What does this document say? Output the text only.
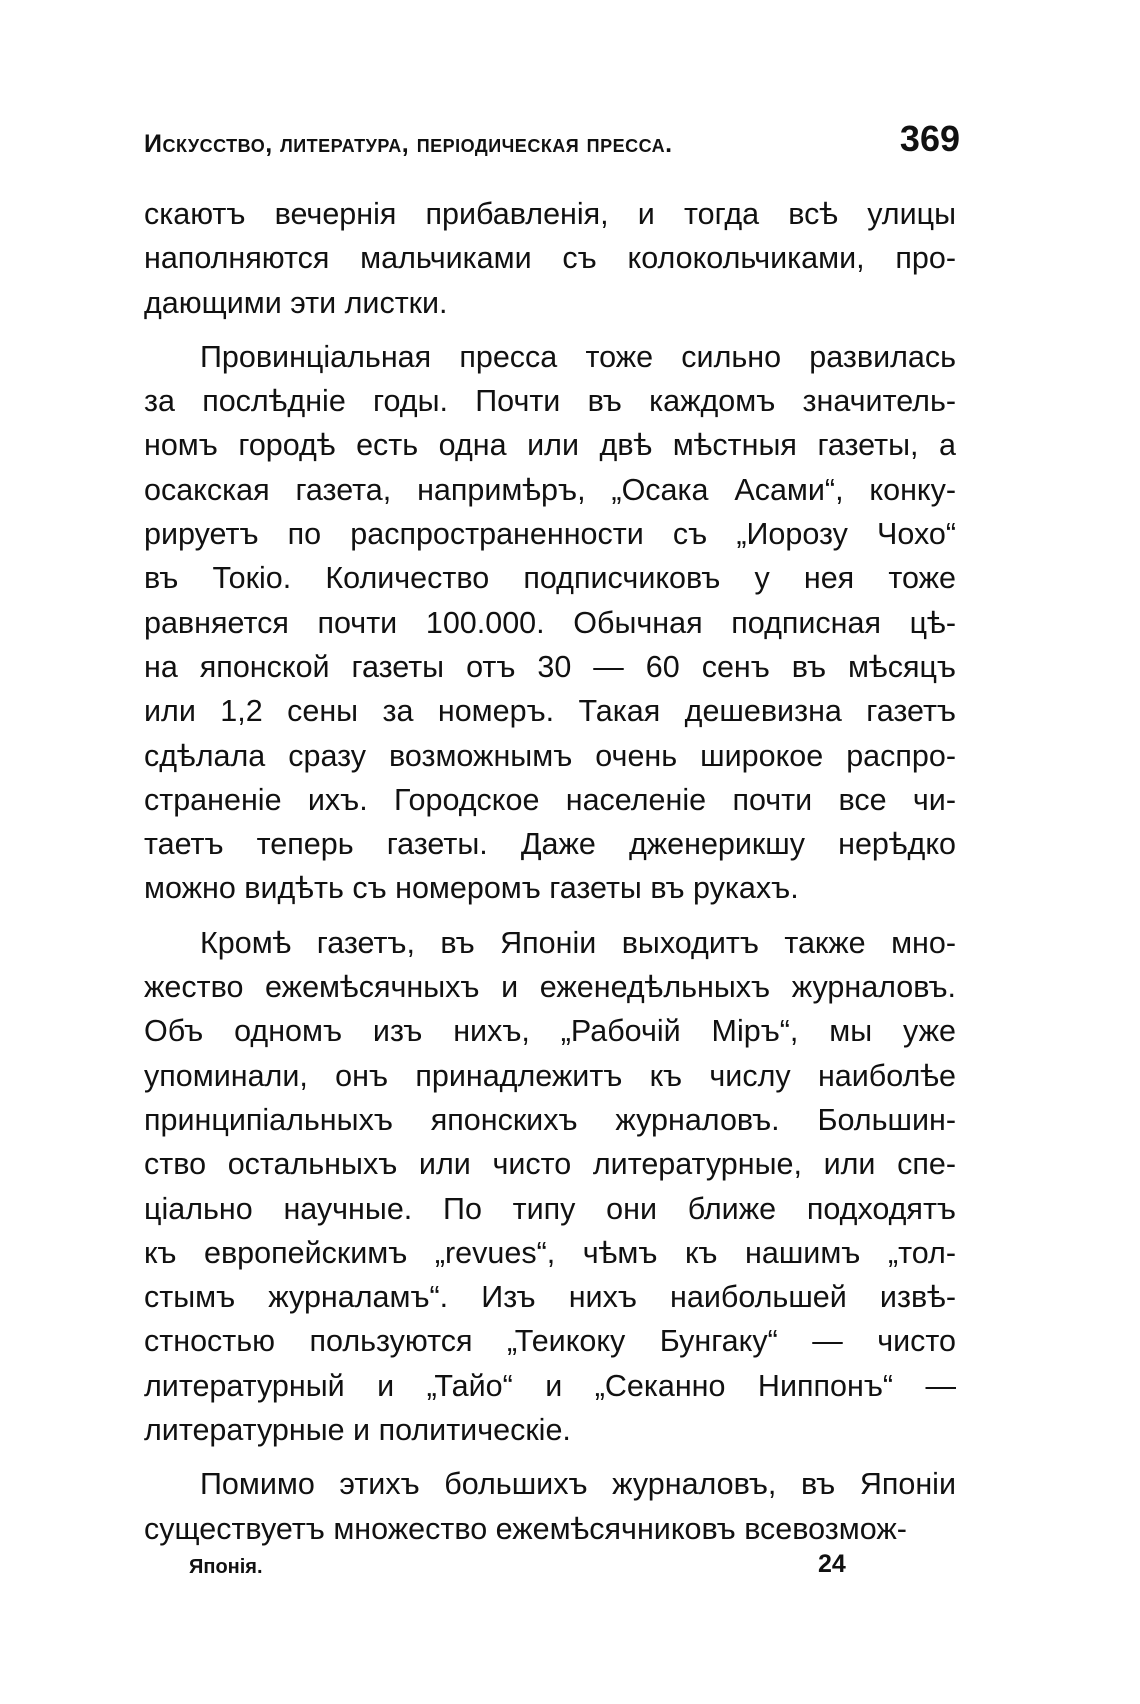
Искусство, литература, періодическая пресса.	369
скаютъ вечернія прибавленія, и тогда всѣ улицы
наполняются мальчиками съ колокольчиками, про-
дающими эти листки.
Провинціальная пресса тоже сильно развилась
за послѣдніе годы. Почти въ каждомъ значитель-
номъ городѣ есть одна или двѣ мѣстныя газеты, а
осакская газета, напримѣръ, „Осака Асами“, конку-
рируетъ по распространенности съ „Иорозу Чохо“
въ Токіо. Количество подписчиковъ у нея тоже
равняется почти 100.000. Обычная подписная цѣ-
на японской газеты отъ 30 — 60 сенъ въ мѣсяцъ
или 1,2 сены за номеръ. Такая дешевизна газетъ
сдѣлала сразу возможнымъ очень широкое распро-
страненіе ихъ. Городское населеніе почти все чи-
таетъ теперь газеты. Даже дженерикшу нерѣдко
можно видѣть съ номеромъ газеты въ рукахъ.
Кромѣ газетъ, въ Японіи выходитъ также мно-
жество ежемѣсячныхъ и еженедѣльныхъ журналовъ.
Объ одномъ изъ нихъ, „Рабочій Міръ“, мы уже
упоминали, онъ принадлежитъ къ числу наиболѣе
принципіальныхъ японскихъ журналовъ. Большин-
ство остальныхъ или чисто литературные, или спе-
ціально научные. По типу они ближе подходятъ
къ европейскимъ „revues“, чѣмъ къ нашимъ „тол-
стымъ журналамъ“. Изъ нихъ наибольшей извѣ-
стностью пользуются „Теикоку Бунгаку“ — чисто
литературный и „Тайо“ и „Секанно Ниппонъ“ —
литературные и политическіе.
Помимо этихъ большихъ журналовъ, въ Японіи
существуетъ множество ежемѣсячниковъ всевозмож-
Японія.	24
